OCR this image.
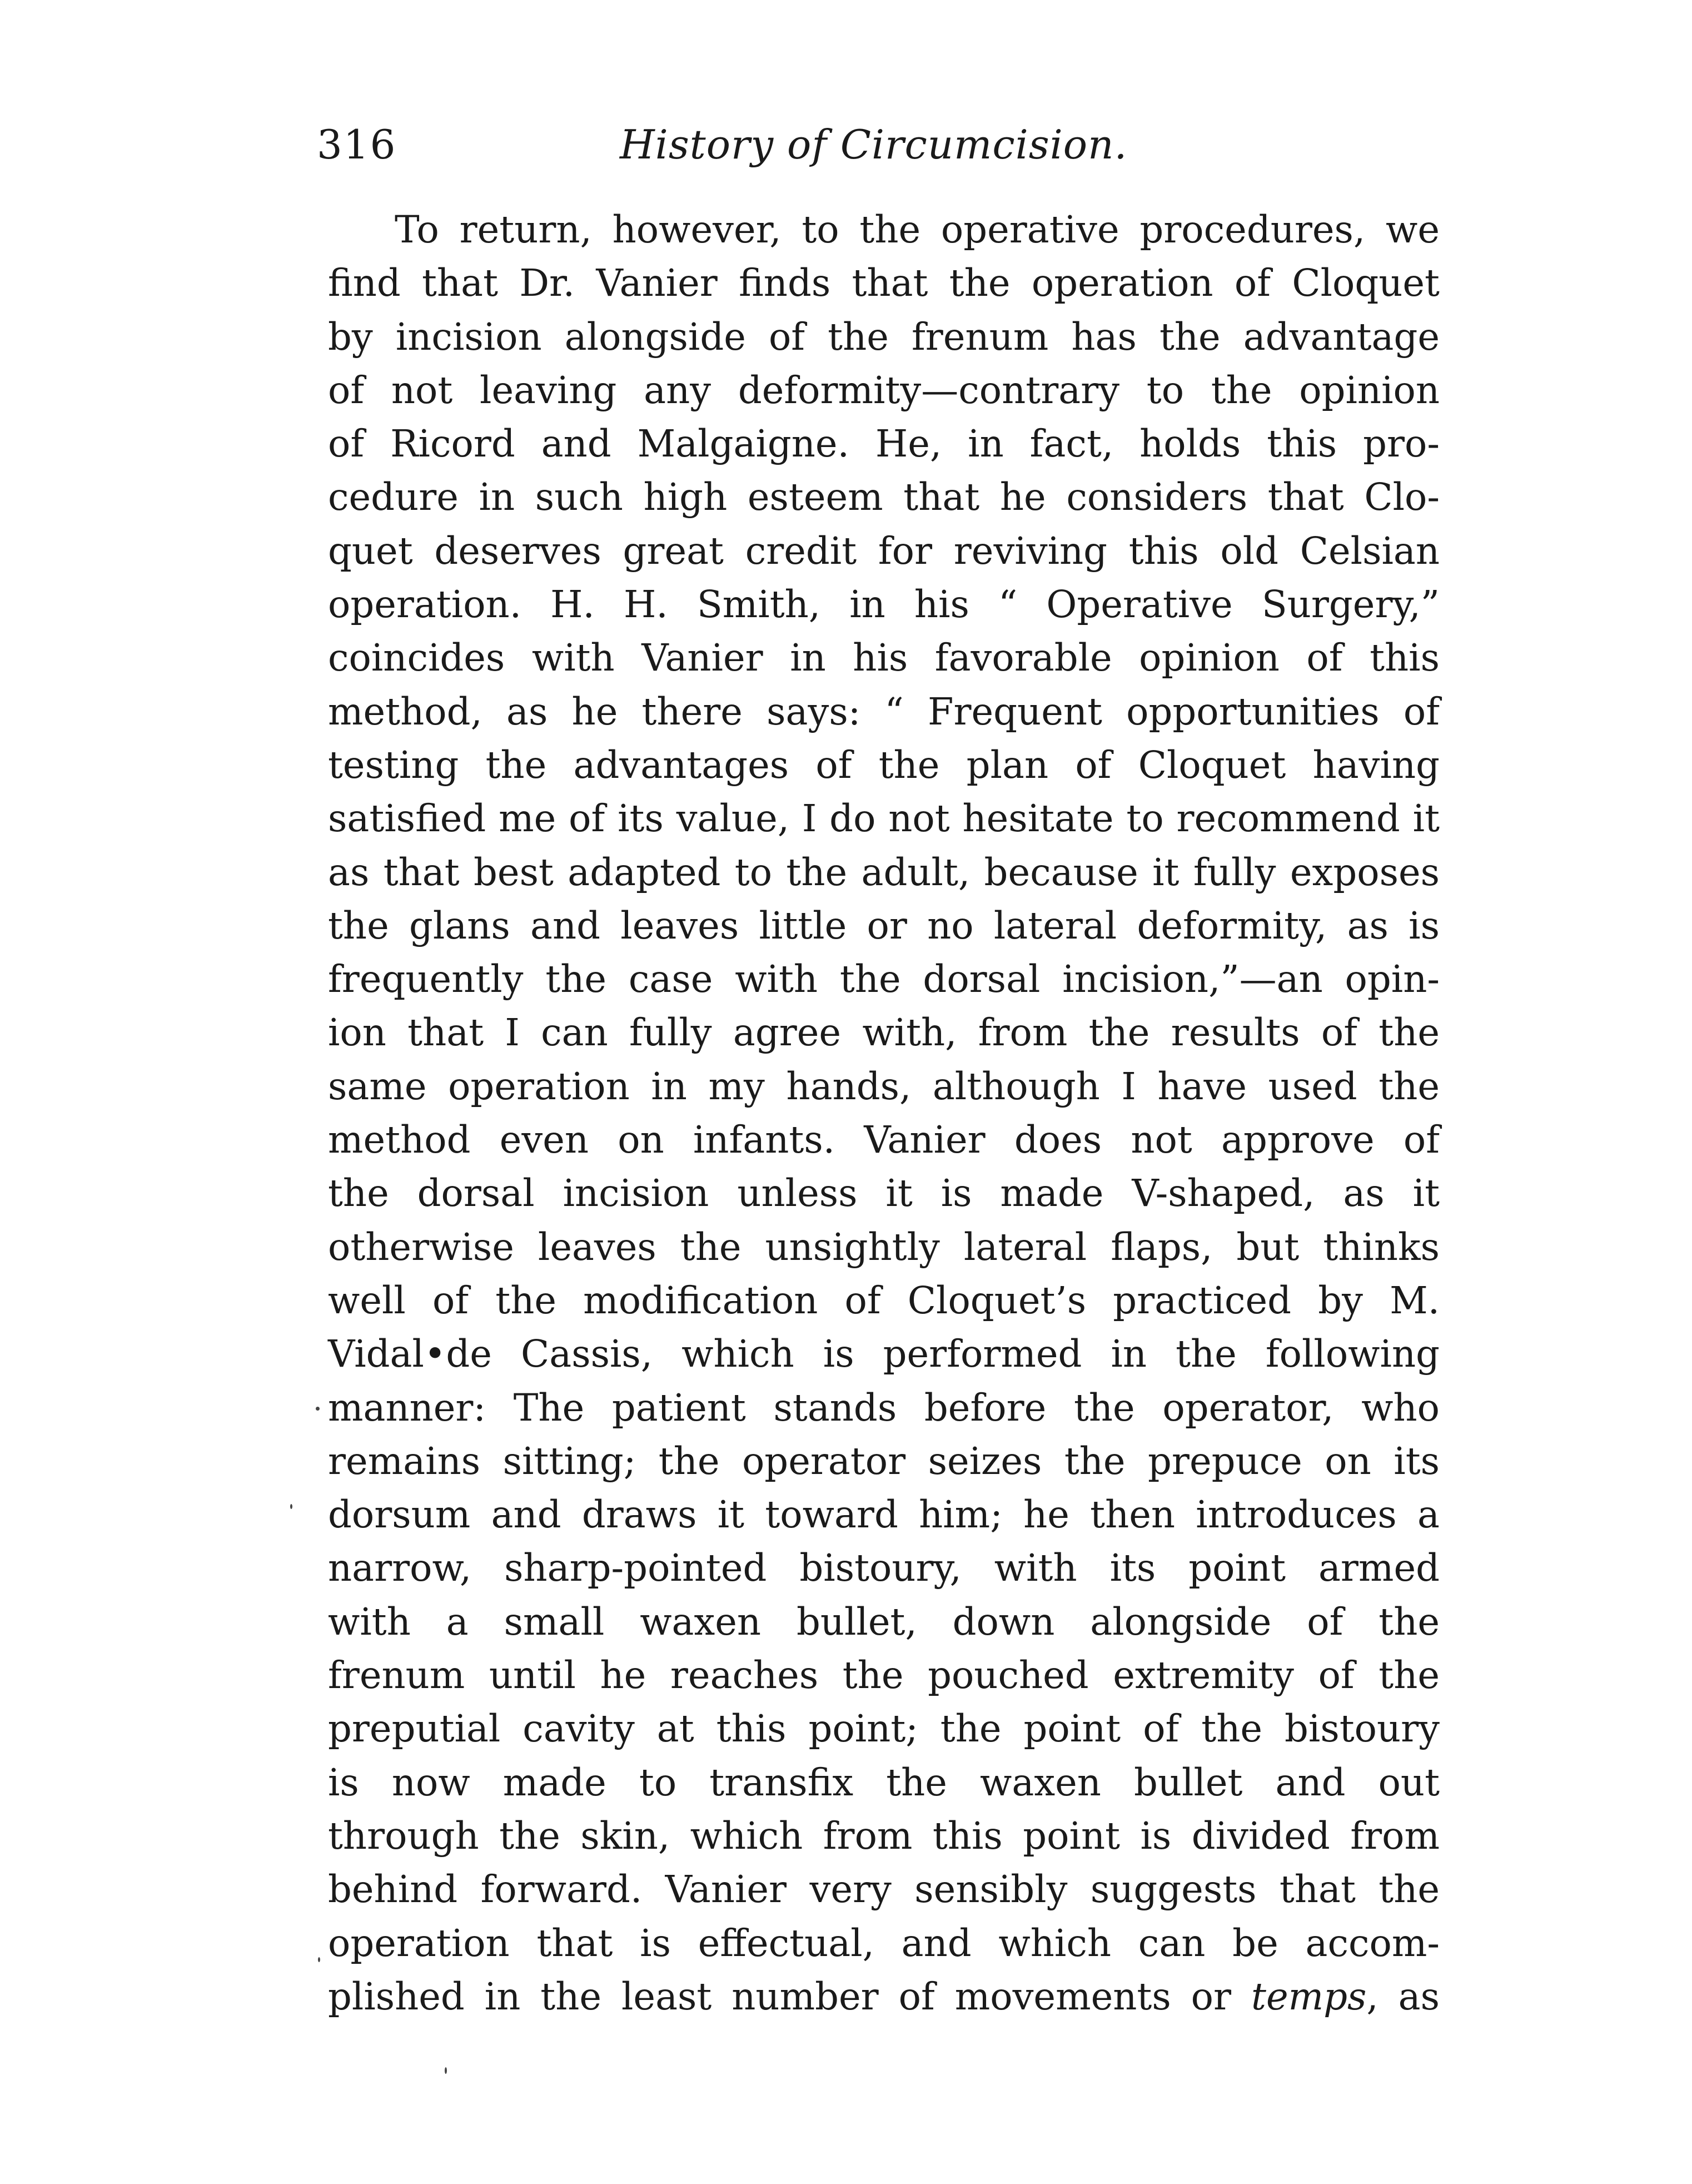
316	History of Circumcision.
To return, however, to the operative procedures, we
find that Dr. Vanier finds that the operation of Cloquet
by incision alongside of the frenum has the advantage
of not leaving any deformity—contrary to the opinion
of Ricord and Malgaigne. He, in fact, holds this pro-
cedure in such high esteem that he considers that Clo-
quet deserves great credit for reviving this old Celsian
operation. H. H. Smith, in his “ Operative Surgery,”
coincides with Vanier in his favorable opinion of this
method, as he there says: “ Frequent opportunities of
testing the advantages of the plan of Cloquet having
satisfied me of its value, I do not hesitate to recommend it
as that best adapted to the adult, because it fully exposes
the glans and leaves little or no lateral deformity, as is
frequently the case with the dorsal incision,”—an opin-
ion that I can fully agree with, from the results of the
same operation in my hands, although I have used the
method even on infants. Vanier does not approve of
the dorsal incision unless it is made V-shaped, as it
otherwise leaves the unsightly lateral flaps, but thinks
well of the modification of Cloquet’s practiced by M.
Vidal•de Cassis, which is performed in the following
manner: The patient stands before the operator, who
remains sitting; the operator seizes the prepuce on its
dorsum and draws it toward him; he then introduces a
narrow, sharp-pointed bistoury, with its point armed
with a small waxen bullet, down alongside of the
frenum until he reaches the pouched extremity of the
preputial cavity at this point; the point of the bistoury
is now made to transfix the waxen bullet and out
through the skin, which from this point is divided from
behind forward. Vanier very sensibly suggests that the
operation that is effectual, and which can be accom-
plished in the least number of movements or temps, as
